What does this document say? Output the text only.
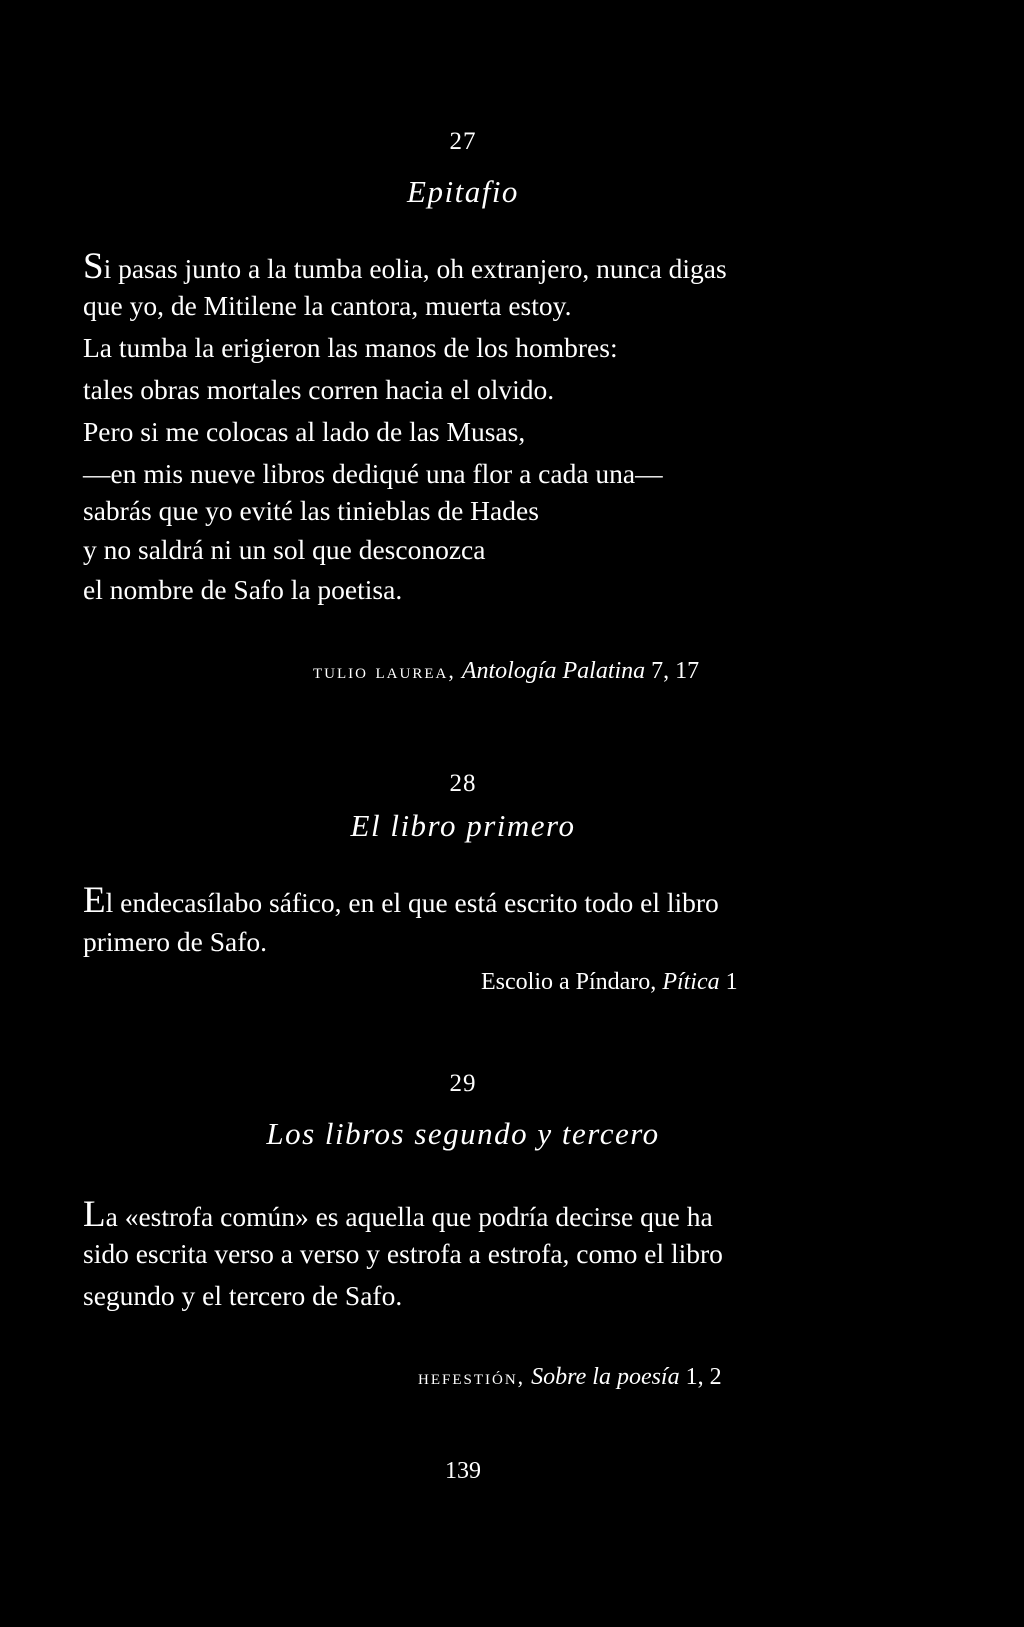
27
Epitafio
Si pasas junto a la tumba eolia, oh extranjero, nunca digas
que yo, de Mitilene la cantora, muerta estoy.
La tumba la erigieron las manos de los hombres:
tales obras mortales corren hacia el olvido.
Pero si me colocas al lado de las Musas,
—en mis nueve libros dediqué una flor a cada una—
sabrás que yo evité las tinieblas de Hades
y no saldrá ni un sol que desconozca
el nombre de Safo la poetisa.
tulio laurea, Antología Palatina 7, 17
28
El libro primero
El endecasílabo sáfico, en el que está escrito todo el libro
primero de Safo.
Escolio a Píndaro, Pítica 1
29
Los libros segundo y tercero
La «estrofa común» es aquella que podría decirse que ha
sido escrita verso a verso y estrofa a estrofa, como el libro
segundo y el tercero de Safo.
hefestión, Sobre la poesía 1, 2
139
